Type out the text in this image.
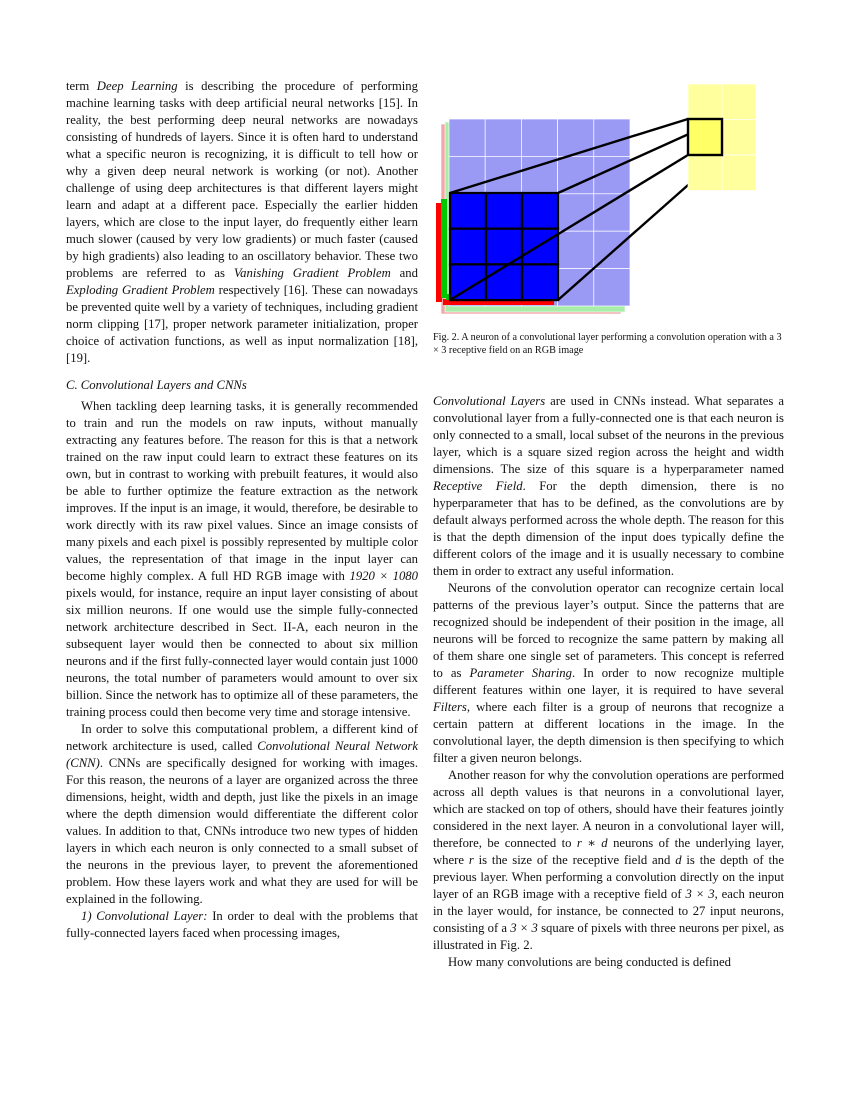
term Deep Learning is describing the procedure of performing machine learning tasks with deep artificial neural networks [15]. In reality, the best performing deep neural networks are nowadays consisting of hundreds of layers. Since it is often hard to understand what a specific neuron is recognizing, it is difficult to tell how or why a given deep neural network is working (or not). Another challenge of using deep architectures is that different layers might learn and adapt at a different pace. Especially the earlier hidden layers, which are close to the input layer, do frequently either learn much slower (caused by very low gradients) or much faster (caused by high gradients) also leading to an oscillatory behavior. These two problems are referred to as Vanishing Gradient Problem and Exploding Gradient Problem respectively [16]. These can nowadays be prevented quite well by a variety of techniques, including gradient norm clipping [17], proper network parameter initialization, proper choice of activation functions, as well as input normalization [18], [19].

C. Convolutional Layers and CNNs

When tackling deep learning tasks, it is generally recommended to train and run the models on raw inputs, without manually extracting any features before. The reason for this is that a network trained on the raw input could learn to extract these features on its own, but in contrast to working with prebuilt features, it would also be able to further optimize the feature extraction as the network improves. If the input is an image, it would, therefore, be desirable to work directly with its raw pixel values. Since an image consists of many pixels and each pixel is possibly represented by multiple color values, the representation of that image in the input layer can become highly complex. A full HD RGB image with 1920 × 1080 pixels would, for instance, require an input layer consisting of about six million neurons. If one would use the simple fully-connected network architecture described in Sect. II-A, each neuron in the subsequent layer would then be connected to about six million neurons and if the first fully-connected layer would contain just 1000 neurons, the total number of parameters would amount to over six billion. Since the network has to optimize all of these parameters, the training process could then become very time and storage intensive.

In order to solve this computational problem, a different kind of network architecture is used, called Convolutional Neural Network (CNN). CNNs are specifically designed for working with images. For this reason, the neurons of a layer are organized across the three dimensions, height, width and depth, just like the pixels in an image where the depth dimension would differentiate the different color values. In addition to that, CNNs introduce two new types of hidden layers in which each neuron is only connected to a small subset of the neurons in the previous layer, to prevent the aforementioned problem. How these layers work and what they are used for will be explained in the following.

1) Convolutional Layer: In order to deal with the problems that fully-connected layers faced when processing images,

Fig. 2. A neuron of a convolutional layer performing a convolution operation with a 3 × 3 receptive field on an RGB image

Convolutional Layers are used in CNNs instead. What separates a convolutional layer from a fully-connected one is that each neuron is only connected to a small, local subset of the neurons in the previous layer, which is a square sized region across the height and width dimensions. The size of this square is a hyperparameter named Receptive Field. For the depth dimension, there is no hyperparameter that has to be defined, as the convolutions are by default always performed across the whole depth. The reason for this is that the depth dimension of the input does typically define the different colors of the image and it is usually necessary to combine them in order to extract any useful information.

Neurons of the convolution operator can recognize certain local patterns of the previous layer’s output. Since the patterns that are recognized should be independent of their position in the image, all neurons will be forced to recognize the same pattern by making all of them share one single set of parameters. This concept is referred to as Parameter Sharing. In order to now recognize multiple different features within one layer, it is required to have several Filters, where each filter is a group of neurons that recognize a certain pattern at different locations in the image. In the convolutional layer, the depth dimension is then specifying to which filter a given neuron belongs.

Another reason for why the convolution operations are performed across all depth values is that neurons in a convolutional layer, which are stacked on top of others, should have their features jointly considered in the next layer. A neuron in a convolutional layer will, therefore, be connected to r ∗ d neurons of the underlying layer, where r is the size of the receptive field and d is the depth of the previous layer. When performing a convolution directly on the input layer of an RGB image with a receptive field of 3 × 3, each neuron in the layer would, for instance, be connected to 27 input neurons, consisting of a 3 × 3 square of pixels with three neurons per pixel, as illustrated in Fig. 2.

How many convolutions are being conducted is defined
